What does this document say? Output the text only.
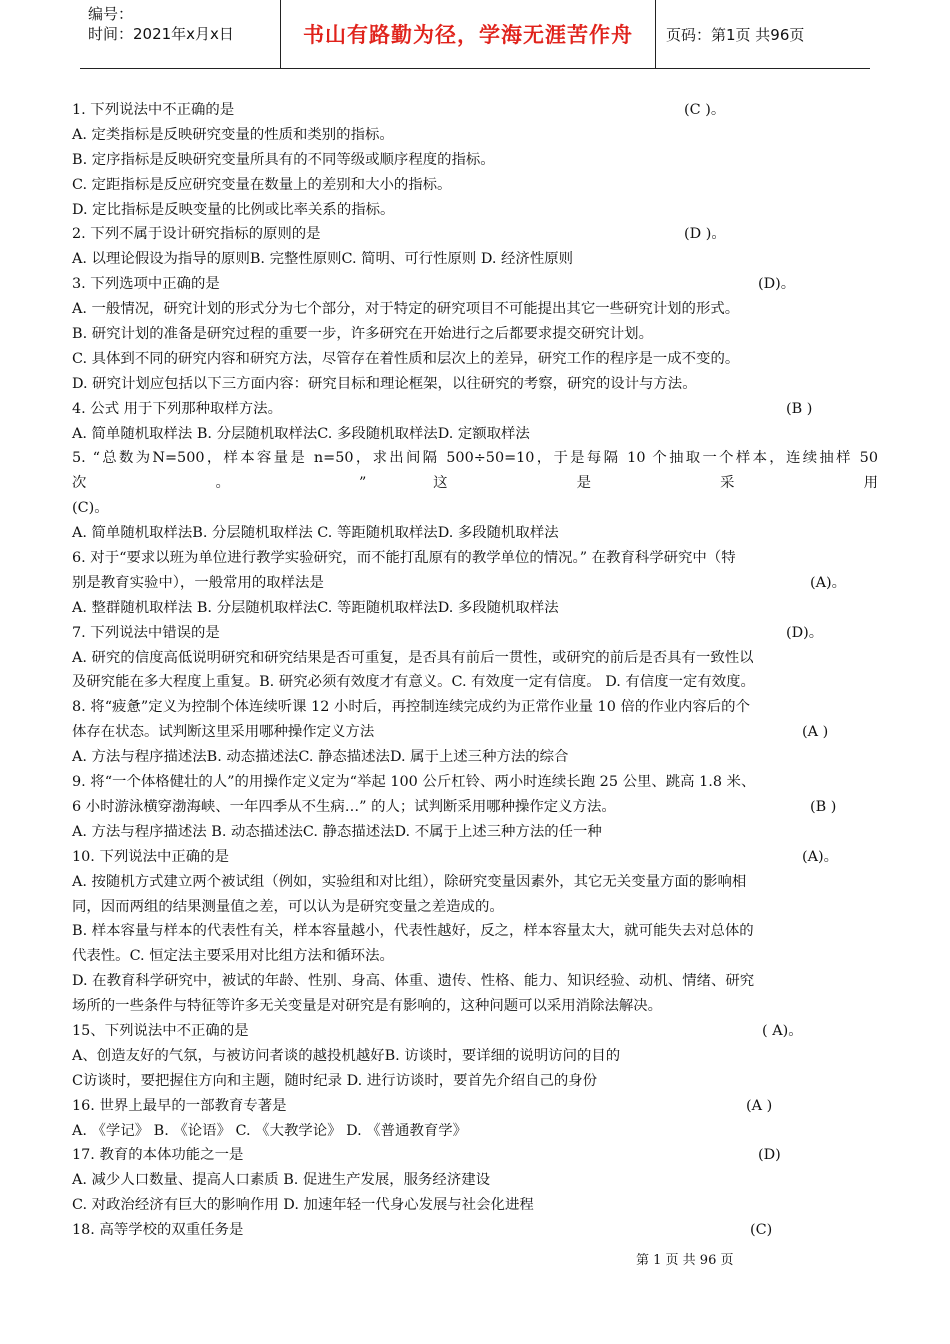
编号：
时间：2021年x月x日	书山有路勤为径，学海无涯苦作舟	页码：第1页 共96页
1. 下列说法中不正确的是	(C )。
A. 定类指标是反映研究变量的性质和类别的指标。
B. 定序指标是反映研究变量所具有的不同等级或顺序程度的指标。
C. 定距指标是反应研究变量在数量上的差别和大小的指标。
D. 定比指标是反映变量的比例或比率关系的指标。
2. 下列不属于设计研究指标的原则的是	(D )。
A. 以理论假设为指导的原则B. 完整性原则C. 简明、可行性原则 D. 经济性原则
3. 下列选项中正确的是	(D)。
A. 一般情况，研究计划的形式分为七个部分，对于特定的研究项目不可能提出其它一些研究计划的形式。
B. 研究计划的准备是研究过程的重要一步，许多研究在开始进行之后都要求提交研究计划。
C. 具体到不同的研究内容和研究方法，尽管存在着性质和层次上的差异，研究工作的程序是一成不变的。
D. 研究计划应包括以下三方面内容：研究目标和理论框架，以往研究的考察，研究的设计与方法。
4. 公式 用于下列那种取样方法。	(B )
A. 简单随机取样法 B. 分层随机取样法C. 多段随机取样法D. 定额取样法
5. “总数为N=500，样本容量是 n=50，求出间隔 500÷50=10，于是每隔 10 个抽取一个样本，连续抽样 50
次 。 ” 这 是 采 用
(C)。
A. 简单随机取样法B. 分层随机取样法 C. 等距随机取样法D. 多段随机取样法
6. 对于“要求以班为单位进行教学实验研究，而不能打乱原有的教学单位的情况。” 在教育科学研究中（特
别是教育实验中），一般常用的取样法是	(A)。
A. 整群随机取样法 B. 分层随机取样法C. 等距随机取样法D. 多段随机取样法
7. 下列说法中错误的是	(D)。
A. 研究的信度高低说明研究和研究结果是否可重复，是否具有前后一贯性，或研究的前后是否具有一致性以
及研究能在多大程度上重复。B. 研究必须有效度才有意义。C. 有效度一定有信度。 D. 有信度一定有效度。
8. 将“疲惫”定义为控制个体连续听课 12 小时后，再控制连续完成约为正常作业量 10 倍的作业内容后的个
体存在状态。试判断这里采用哪种操作定义方法	(A )
A. 方法与程序描述法B. 动态描述法C. 静态描述法D. 属于上述三种方法的综合
9. 将“一个体格健壮的人”的用操作定义定为“举起 100 公斤杠铃、两小时连续长跑 25 公里、跳高 1.8 米、
6 小时游泳横穿渤海峡、一年四季从不生病…” 的人；试判断采用哪种操作定义方法。	(B )
A. 方法与程序描述法 B. 动态描述法C. 静态描述法D. 不属于上述三种方法的任一种
10. 下列说法中正确的是	(A)。
A. 按随机方式建立两个被试组（例如，实验组和对比组），除研究变量因素外，其它无关变量方面的影响相
同，因而两组的结果测量值之差，可以认为是研究变量之差造成的。
B. 样本容量与样本的代表性有关，样本容量越小，代表性越好，反之，样本容量太大，就可能失去对总体的
代表性。C. 恒定法主要采用对比组方法和循环法。
D. 在教育科学研究中，被试的年龄、性别、身高、体重、遗传、性格、能力、知识经验、动机、情绪、研究
场所的一些条件与特征等许多无关变量是对研究是有影响的，这种问题可以采用消除法解决。
15、下列说法中不正确的是	( A)。
A、创造友好的气氛，与被访问者谈的越投机越好B. 访谈时，要详细的说明访问的目的
C访谈时，要把握住方向和主题，随时纪录 D. 进行访谈时，要首先介绍自己的身份
16. 世界上最早的一部教育专著是	(A )
A. 《学记》 B. 《论语》 C. 《大教学论》 D. 《普通教育学》
17. 教育的本体功能之一是	(D)
A. 减少人口数量、提高人口素质 B. 促进生产发展，服务经济建设
C. 对政治经济有巨大的影响作用 D. 加速年轻一代身心发展与社会化进程
18. 高等学校的双重任务是	(C)
第 1 页 共 96 页
